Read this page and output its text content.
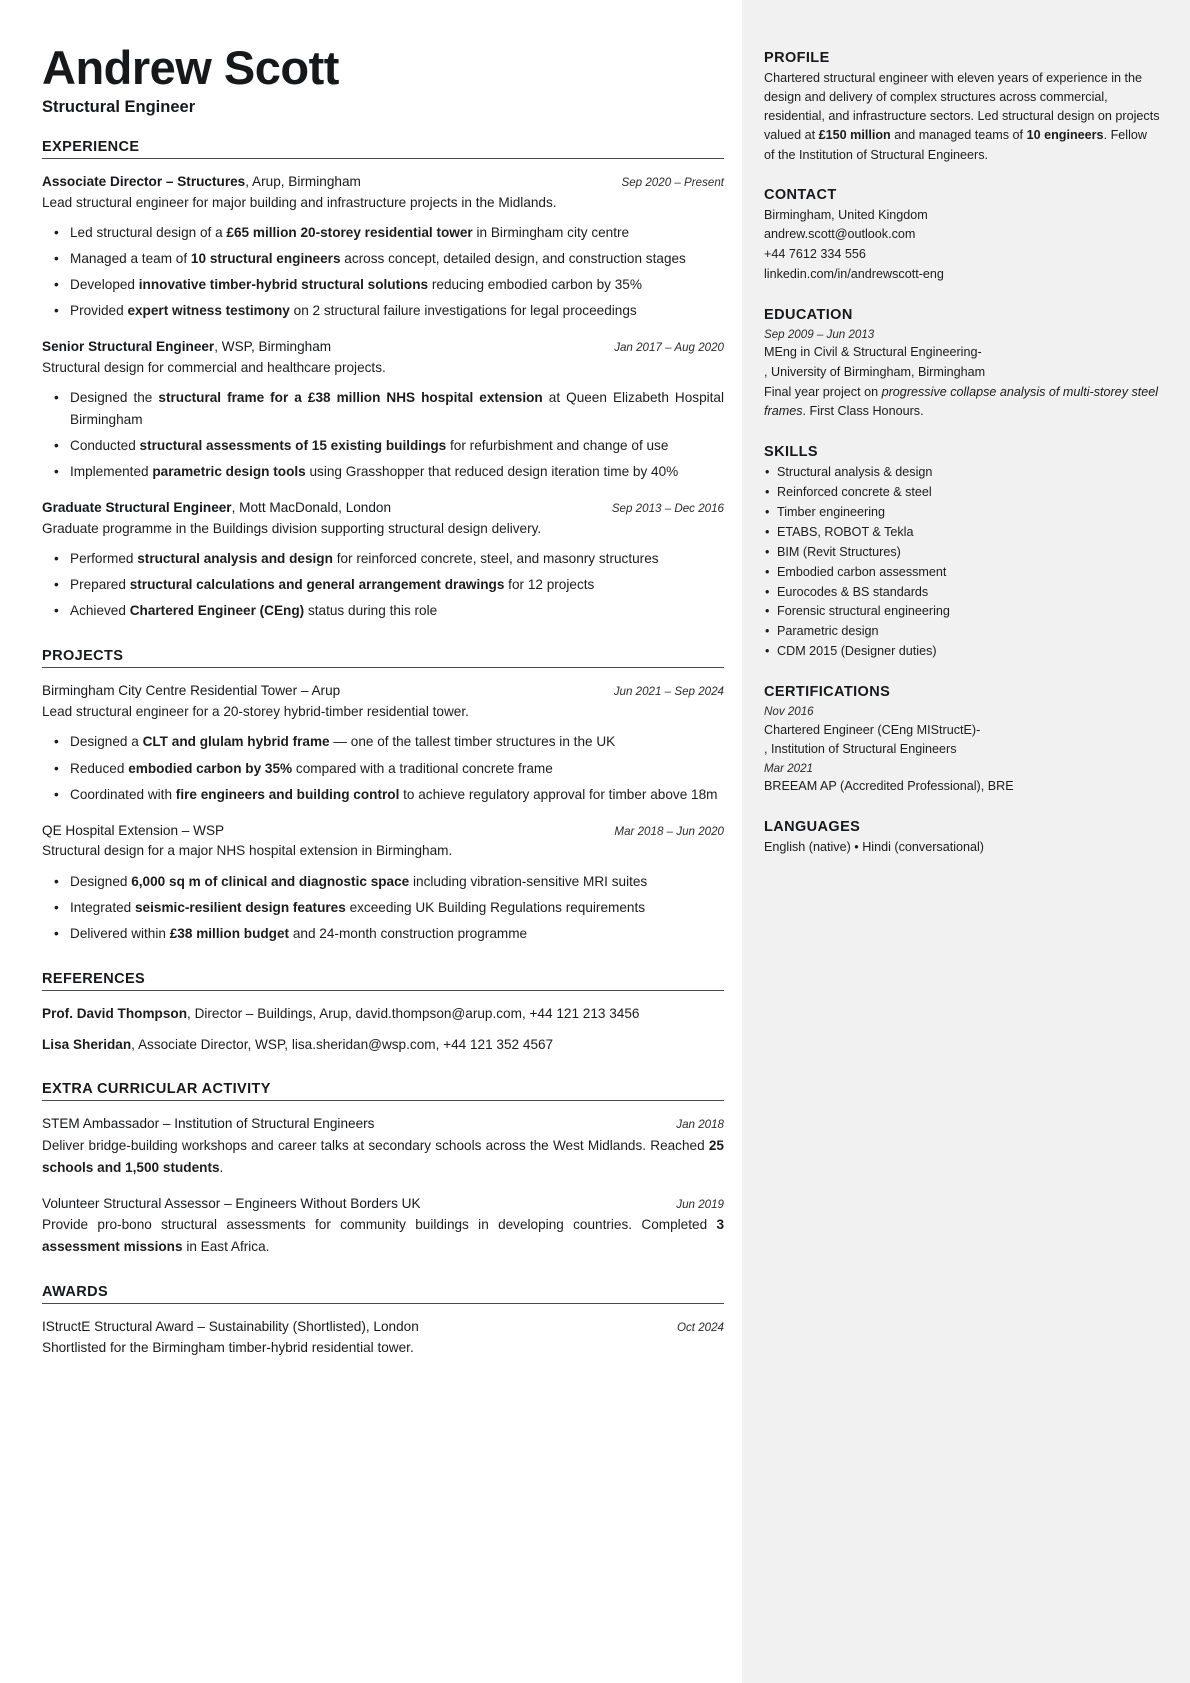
Andrew Scott
Structural Engineer
EXPERIENCE
Associate Director – Structures, Arup, Birmingham	Sep 2020 – Present
Lead structural engineer for major building and infrastructure projects in the Midlands.
• Led structural design of a £65 million 20-storey residential tower in Birmingham city centre
• Managed a team of 10 structural engineers across concept, detailed design, and construction stages
• Developed innovative timber-hybrid structural solutions reducing embodied carbon by 35%
• Provided expert witness testimony on 2 structural failure investigations for legal proceedings
Senior Structural Engineer, WSP, Birmingham	Jan 2017 – Aug 2020
Structural design for commercial and healthcare projects.
• Designed the structural frame for a £38 million NHS hospital extension at Queen Elizabeth Hospital Birmingham
• Conducted structural assessments of 15 existing buildings for refurbishment and change of use
• Implemented parametric design tools using Grasshopper that reduced design iteration time by 40%
Graduate Structural Engineer, Mott MacDonald, London	Sep 2013 – Dec 2016
Graduate programme in the Buildings division supporting structural design delivery.
• Performed structural analysis and design for reinforced concrete, steel, and masonry structures
• Prepared structural calculations and general arrangement drawings for 12 projects
• Achieved Chartered Engineer (CEng) status during this role
PROJECTS
Birmingham City Centre Residential Tower – Arup	Jun 2021 – Sep 2024
Lead structural engineer for a 20-storey hybrid-timber residential tower.
• Designed a CLT and glulam hybrid frame — one of the tallest timber structures in the UK
• Reduced embodied carbon by 35% compared with a traditional concrete frame
• Coordinated with fire engineers and building control to achieve regulatory approval for timber above 18m
QE Hospital Extension – WSP	Mar 2018 – Jun 2020
Structural design for a major NHS hospital extension in Birmingham.
• Designed 6,000 sq m of clinical and diagnostic space including vibration-sensitive MRI suites
• Integrated seismic-resilient design features exceeding UK Building Regulations requirements
• Delivered within £38 million budget and 24-month construction programme
REFERENCES
Prof. David Thompson, Director – Buildings, Arup, david.thompson@arup.com, +44 121 213 3456
Lisa Sheridan, Associate Director, WSP, lisa.sheridan@wsp.com, +44 121 352 4567
EXTRA CURRICULAR ACTIVITY
STEM Ambassador – Institution of Structural Engineers	Jan 2018
Deliver bridge-building workshops and career talks at secondary schools across the West Midlands. Reached 25 schools and 1,500 students.
Volunteer Structural Assessor – Engineers Without Borders UK	Jun 2019
Provide pro-bono structural assessments for community buildings in developing countries. Completed 3 assessment missions in East Africa.
AWARDS
IStructE Structural Award – Sustainability (Shortlisted), London	Oct 2024
Shortlisted for the Birmingham timber-hybrid residential tower.
PROFILE
Chartered structural engineer with eleven years of experience in the design and delivery of complex structures across commercial, residential, and infrastructure sectors. Led structural design on projects valued at £150 million and managed teams of 10 engineers. Fellow of the Institution of Structural Engineers.
CONTACT
Birmingham, United Kingdom
andrew.scott@outlook.com
+44 7612 334 556
linkedin.com/in/andrewscott-eng
EDUCATION
Sep 2009 – Jun 2013
MEng in Civil & Structural Engineering-
, University of Birmingham, Birmingham
Final year project on progressive collapse analysis of multi-storey steel frames. First Class Honours.
SKILLS
• Structural analysis & design
• Reinforced concrete & steel
• Timber engineering
• ETABS, ROBOT & Tekla
• BIM (Revit Structures)
• Embodied carbon assessment
• Eurocodes & BS standards
• Forensic structural engineering
• Parametric design
• CDM 2015 (Designer duties)
CERTIFICATIONS
Nov 2016
Chartered Engineer (CEng MIStructE)-
, Institution of Structural Engineers
Mar 2021
BREEAM AP (Accredited Professional), BRE
LANGUAGES
English (native) • Hindi (conversational)
